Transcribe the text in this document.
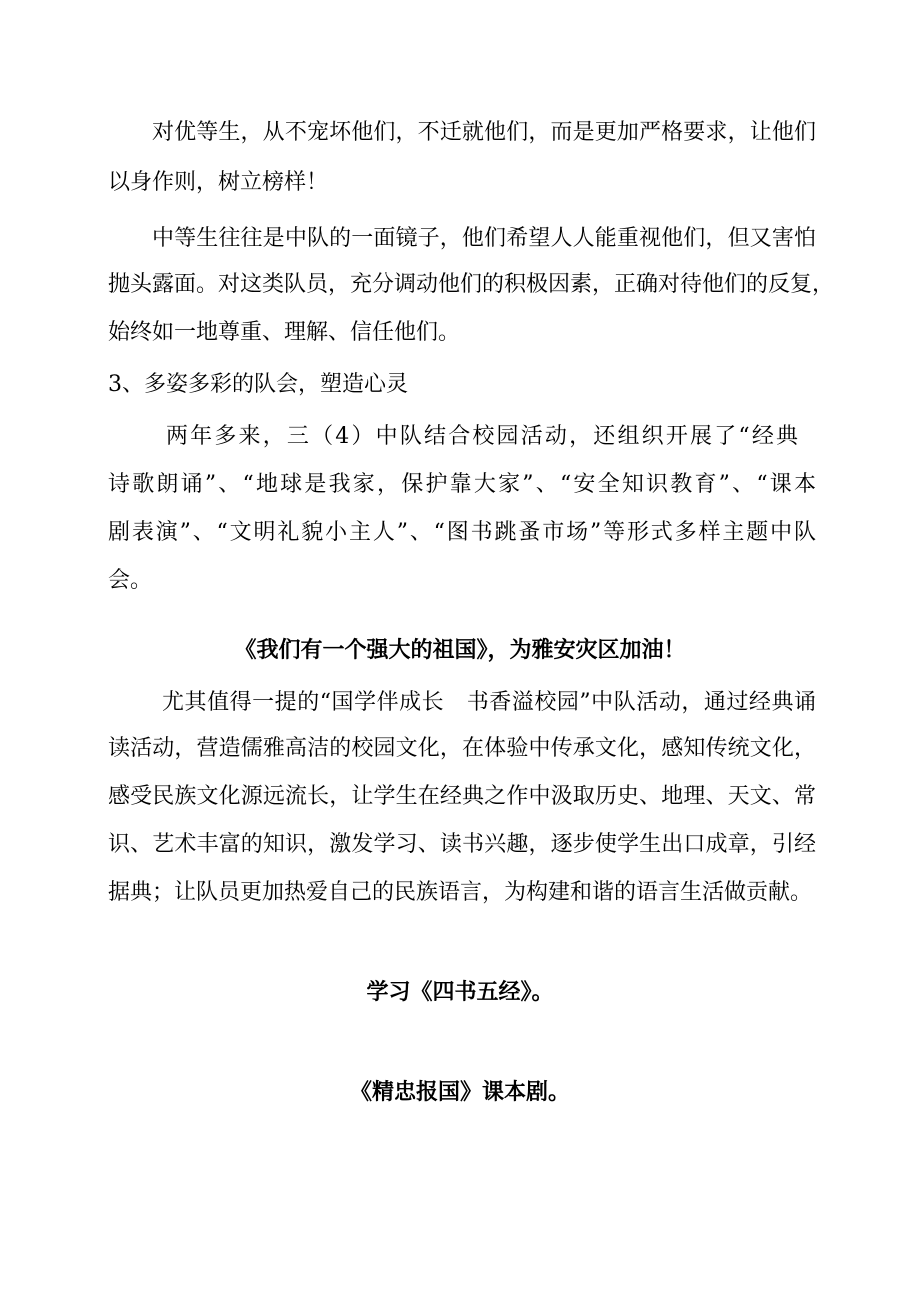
对优等生，从不宠坏他们，不迁就他们，而是更加严格要求，让他们
以身作则，树立榜样！
中等生往往是中队的一面镜子，他们希望人人能重视他们，但又害怕
抛头露面。对这类队员，充分调动他们的积极因素，正确对待他们的反复，
始终如一地尊重、理解、信任他们。
3、多姿多彩的队会，塑造心灵
两年多来，三（4）中队结合校园活动，还组织开展了“经典
诗歌朗诵”、“地球是我家，保护靠大家”、“安全知识教育”、“课本
剧表演”、“文明礼貌小主人”、“图书跳蚤市场”等形式多样主题中队
会。
《我们有一个强大的祖国》，为雅安灾区加油！
尤其值得一提的“国学伴成长　书香溢校园”中队活动，通过经典诵
读活动，营造儒雅高洁的校园文化，在体验中传承文化，感知传统文化，
感受民族文化源远流长，让学生在经典之作中汲取历史、地理、天文、常
识、艺术丰富的知识，激发学习、读书兴趣，逐步使学生出口成章，引经
据典；让队员更加热爱自己的民族语言，为构建和谐的语言生活做贡献。
学习《四书五经》。
《精忠报国》课本剧。
